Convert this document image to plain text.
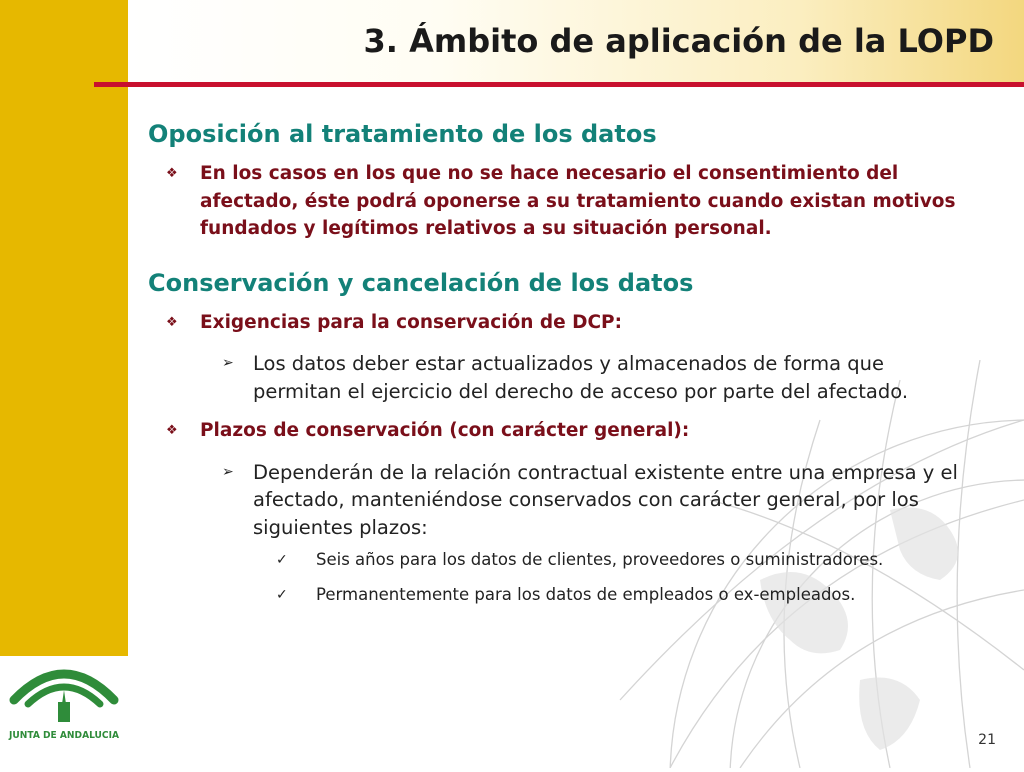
JUNTA DE ANDALUCIA
3. Ámbito de aplicación de la LOPD
Oposición al tratamiento de los datos
❖ En los casos en los que no se hace necesario el consentimiento del afectado, éste podrá oponerse a su tratamiento cuando existan motivos fundados y legítimos relativos a su situación personal.
Conservación y cancelación de los datos
❖ Exigencias para la conservación de DCP:
➢ Los datos deber estar actualizados y almacenados de forma que permitan el ejercicio del derecho de acceso por parte del afectado.
❖ Plazos de conservación (con carácter general):
➢ Dependerán de la relación contractual existente entre una empresa y el afectado, manteniéndose conservados con carácter general, por los siguientes plazos:
✓ Seis años para los datos de clientes, proveedores o suministradores.
✓ Permanentemente para los datos de empleados o ex-empleados.
21
